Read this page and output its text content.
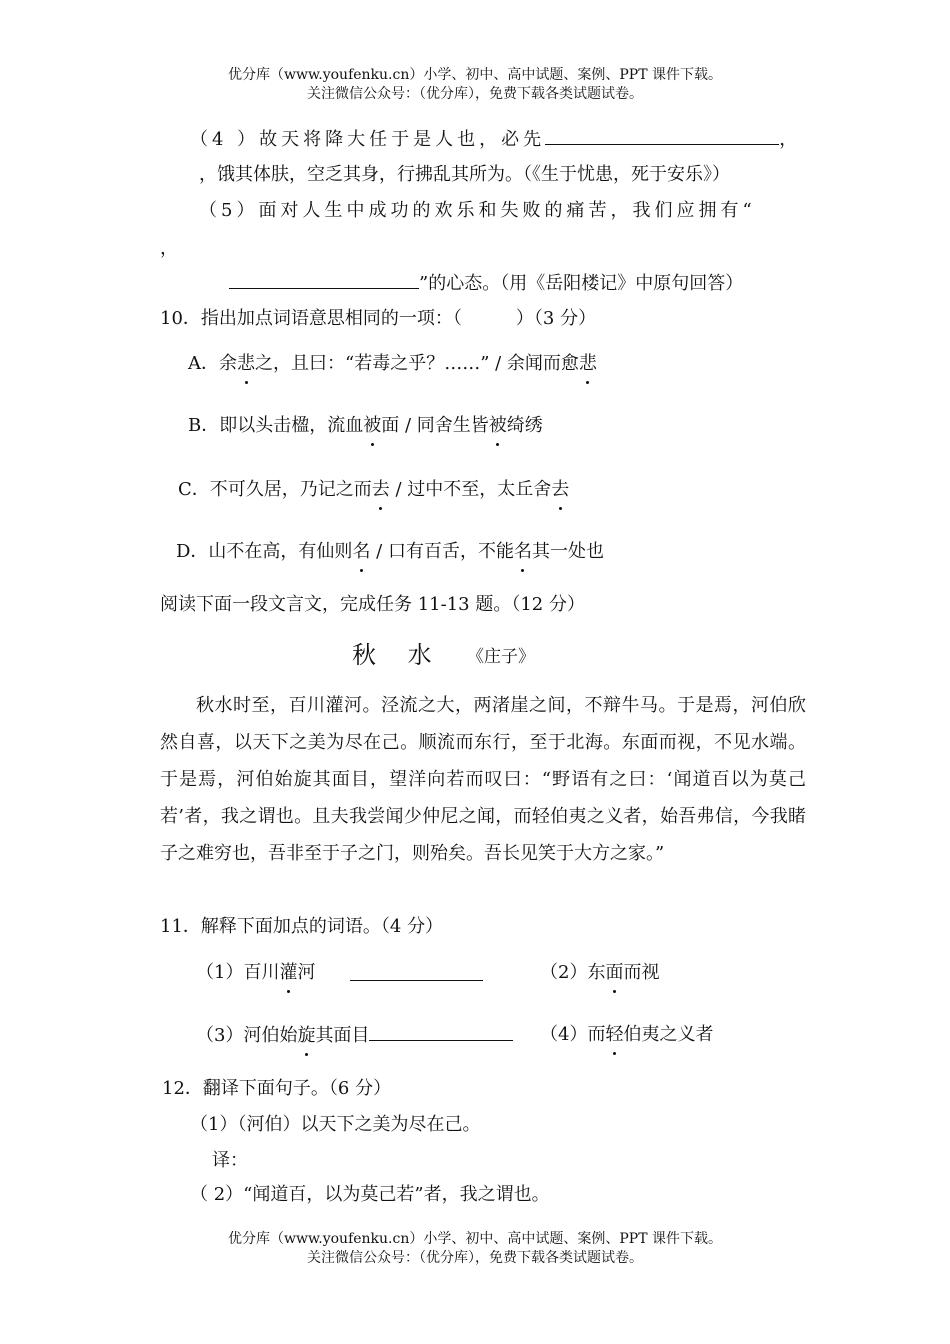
优分库（www.youfenku.cn）小学、初中、高中试题、案例、PPT 课件下载。
关注微信公众号：（优分库），免费下载各类试题试卷。
（4 ）故天将降大任于是人也，必先	，
，饿其体肤，空乏其身，行拂乱其所为。（《生于忧患，死于安乐》）
（5）面对人生中成功的欢乐和失败的痛苦，我们应拥有“
，
”的心态。（用《岳阳楼记》中原句回答）
10．指出加点词语意思相同的一项：（　　　）（3 分）
A．余悲之，且曰：“若毒之乎？……” / 余闻而愈悲
B．即以头击楹，流血被面 / 同舍生皆被绮绣
C．不可久居，乃记之而去 / 过中不至，太丘舍去
D．山不在高，有仙则名 / 口有百舌，不能名其一处也
阅读下面一段文言文，完成任务 11-13 题。（12 分）
秋　 水 《庄子》
秋水时至，百川灌河。泾流之大，两渚崖之间，不辩牛马。于是焉，河伯欣然自喜，以天下之美为尽在己。顺流而东行，至于北海。东面而视，不见水端。于是焉，河伯始旋其面目，望洋向若而叹曰：“野语有之曰：‘闻道百以为莫己若’者，我之谓也。且夫我尝闻少仲尼之闻，而轻伯夷之义者，始吾弗信，今我睹子之难穷也，吾非至于子之门，则殆矣。吾长见笑于大方之家。”
11．解释下面加点的词语。（4 分）
（1）百川灌河	（2）东面而视
（3）河伯始旋其面目	（4）而轻伯夷之义者
12．翻译下面句子。（6 分）
（1）（河伯）以天下之美为尽在己。
译：
（ 2）“闻道百，以为莫己若”者，我之谓也。
优分库（www.youfenku.cn）小学、初中、高中试题、案例、PPT 课件下载。
关注微信公众号：（优分库），免费下载各类试题试卷。
